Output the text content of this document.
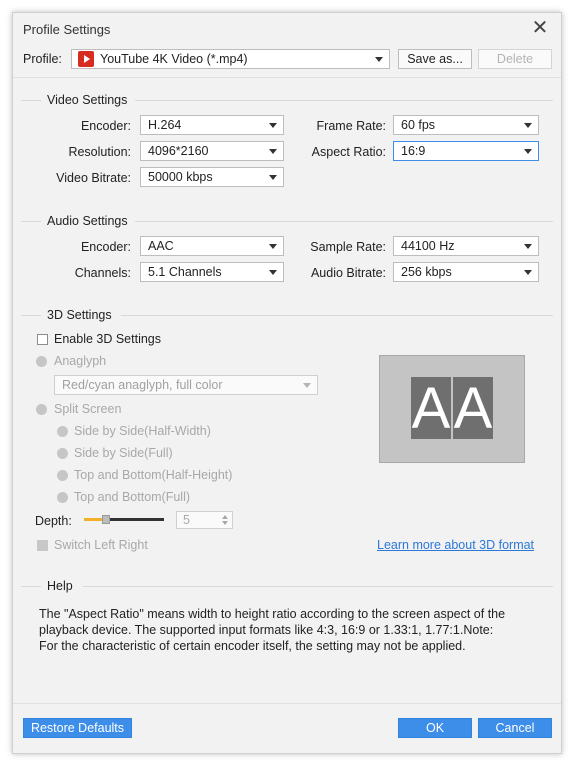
Profile Settings	✕
Profile:	YouTube 4K Video (*.mp4)	Save as...	Delete
Video Settings
Encoder: H.264
Resolution: 4096*2160
Video Bitrate: 50000 kbps
Frame Rate: 60 fps
Aspect Ratio: 16:9
Audio Settings
Encoder: AAC
Channels: 5.1 Channels
Sample Rate: 44100 Hz
Audio Bitrate: 256 kbps
3D Settings
Enable 3D Settings
Anaglyph
Red/cyan anaglyph, full color
Split Screen
Side by Side(Half-Width)
Side by Side(Full)
Top and Bottom(Half-Height)
Top and Bottom(Full)
Depth:	5
Switch Left Right	Learn more about 3D format
A A
Help
The "Aspect Ratio" means width to height ratio according to the screen aspect of the
playback device. The supported input formats like 4:3, 16:9 or 1.33:1, 1.77:1.Note:
For the characteristic of certain encoder itself, the setting may not be applied.
Restore Defaults	OK	Cancel
